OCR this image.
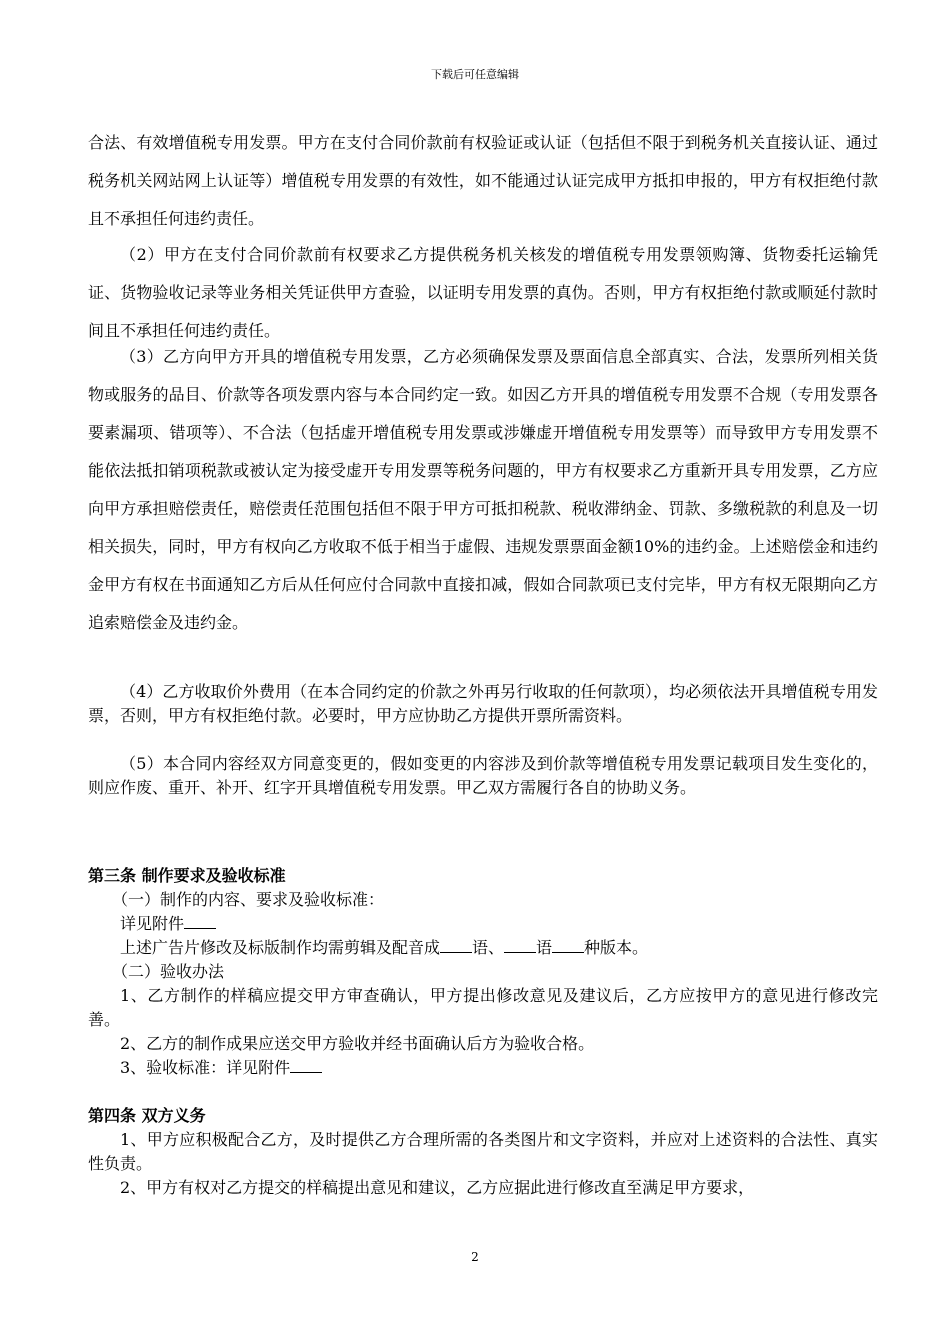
下载后可任意编辑

合法、有效增值税专用发票。甲方在支付合同价款前有权验证或认证（包括但不限于到税务机关直接认证、通过税务机关网站网上认证等）增值税专用发票的有效性，如不能通过认证完成甲方抵扣申报的，甲方有权拒绝付款且不承担任何违约责任。

（2）甲方在支付合同价款前有权要求乙方提供税务机关核发的增值税专用发票领购簿、货物委托运输凭证、货物验收记录等业务相关凭证供甲方查验，以证明专用发票的真伪。否则，甲方有权拒绝付款或顺延付款时间且不承担任何违约责任。

（3）乙方向甲方开具的增值税专用发票，乙方必须确保发票及票面信息全部真实、合法，发票所列相关货物或服务的品目、价款等各项发票内容与本合同约定一致。如因乙方开具的增值税专用发票不合规（专用发票各要素漏项、错项等）、不合法（包括虚开增值税专用发票或涉嫌虚开增值税专用发票等）而导致甲方专用发票不能依法抵扣销项税款或被认定为接受虚开专用发票等税务问题的，甲方有权要求乙方重新开具专用发票，乙方应向甲方承担赔偿责任，赔偿责任范围包括但不限于甲方可抵扣税款、税收滞纳金、罚款、多缴税款的利息及一切相关损失，同时，甲方有权向乙方收取不低于相当于虚假、违规发票票面金额10%的违约金。上述赔偿金和违约金甲方有权在书面通知乙方后从任何应付合同款中直接扣减，假如合同款项已支付完毕，甲方有权无限期向乙方追索赔偿金及违约金。

（4）乙方收取价外费用（在本合同约定的价款之外再另行收取的任何款项），均必须依法开具增值税专用发票，否则，甲方有权拒绝付款。必要时，甲方应协助乙方提供开票所需资料。

（5）本合同内容经双方同意变更的，假如变更的内容涉及到价款等增值税专用发票记载项目发生变化的，则应作废、重开、补开、红字开具增值税专用发票。甲乙双方需履行各自的协助义务。

第三条 制作要求及验收标准

（一）制作的内容、要求及验收标准：

详见附件

上述广告片修改及标版制作均需剪辑及配音成 语、 语 种版本。

（二）验收办法

1、乙方制作的样稿应提交甲方审查确认，甲方提出修改意见及建议后，乙方应按甲方的意见进行修改完善。

2、乙方的制作成果应送交甲方验收并经书面确认后方为验收合格。

3、验收标准：详见附件

第四条 双方义务

1、甲方应积极配合乙方，及时提供乙方合理所需的各类图片和文字资料，并应对上述资料的合法性、真实性负责。

2、甲方有权对乙方提交的样稿提出意见和建议，乙方应据此进行修改直至满足甲方要求，

2
